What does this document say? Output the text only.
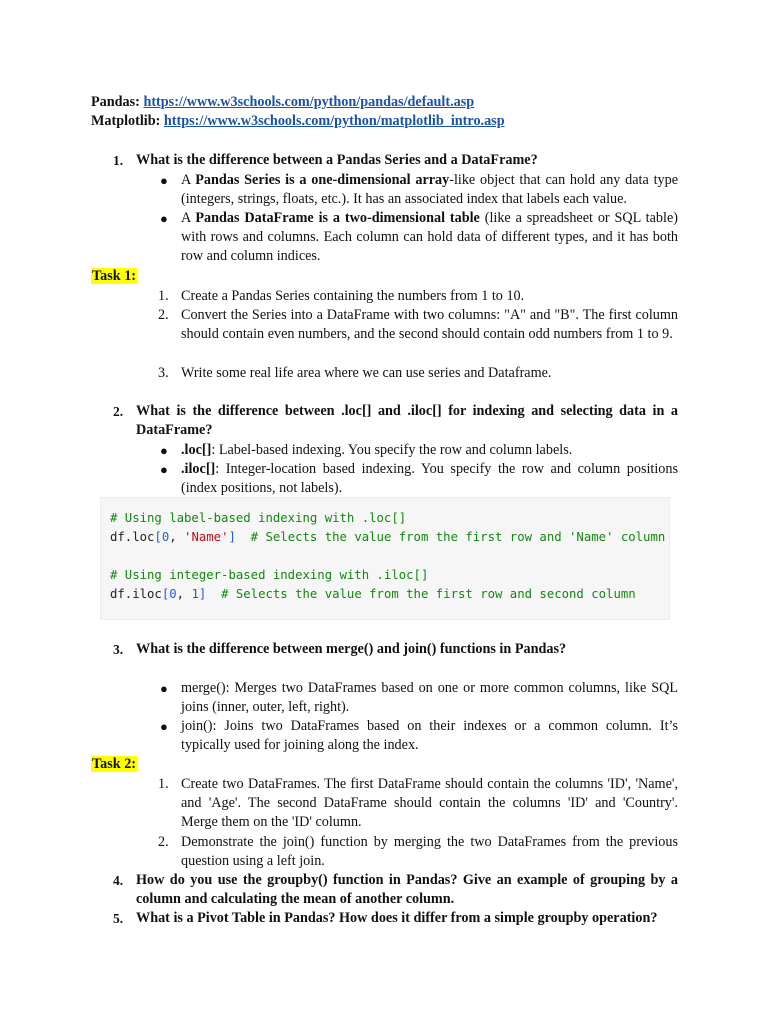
Pandas: https://www.w3schools.com/python/pandas/default.asp
Matplotlib: https://www.w3schools.com/python/matplotlib_intro.asp
1. What is the difference between a Pandas Series and a DataFrame?
● A Pandas Series is a one-dimensional array-like object that can hold any data type (integers, strings, floats, etc.). It has an associated index that labels each value.
● A Pandas DataFrame is a two-dimensional table (like a spreadsheet or SQL table) with rows and columns. Each column can hold data of different types, and it has both row and column indices.
Task 1:
1. Create a Pandas Series containing the numbers from 1 to 10.
2. Convert the Series into a DataFrame with two columns: "A" and "B". The first column should contain even numbers, and the second should contain odd numbers from 1 to 9.
3. Write some real life area where we can use series and Dataframe.
2. What is the difference between .loc[] and .iloc[] for indexing and selecting data in a DataFrame?
● .loc[]: Label-based indexing. You specify the row and column labels.
● .iloc[]: Integer-location based indexing. You specify the row and column positions (index positions, not labels).
# Using label-based indexing with .loc[]
df.loc[0, 'Name']  # Selects the value from the first row and 'Name' column
# Using integer-based indexing with .iloc[]
df.iloc[0, 1]  # Selects the value from the first row and second column
3. What is the difference between merge() and join() functions in Pandas?
● merge(): Merges two DataFrames based on one or more common columns, like SQL joins (inner, outer, left, right).
● join(): Joins two DataFrames based on their indexes or a common column. It’s typically used for joining along the index.
Task 2:
1. Create two DataFrames. The first DataFrame should contain the columns 'ID', 'Name', and 'Age'. The second DataFrame should contain the columns 'ID' and 'Country'. Merge them on the 'ID' column.
2. Demonstrate the join() function by merging the two DataFrames from the previous question using a left join.
4. How do you use the groupby() function in Pandas? Give an example of grouping by a column and calculating the mean of another column.
5. What is a Pivot Table in Pandas? How does it differ from a simple groupby operation?
